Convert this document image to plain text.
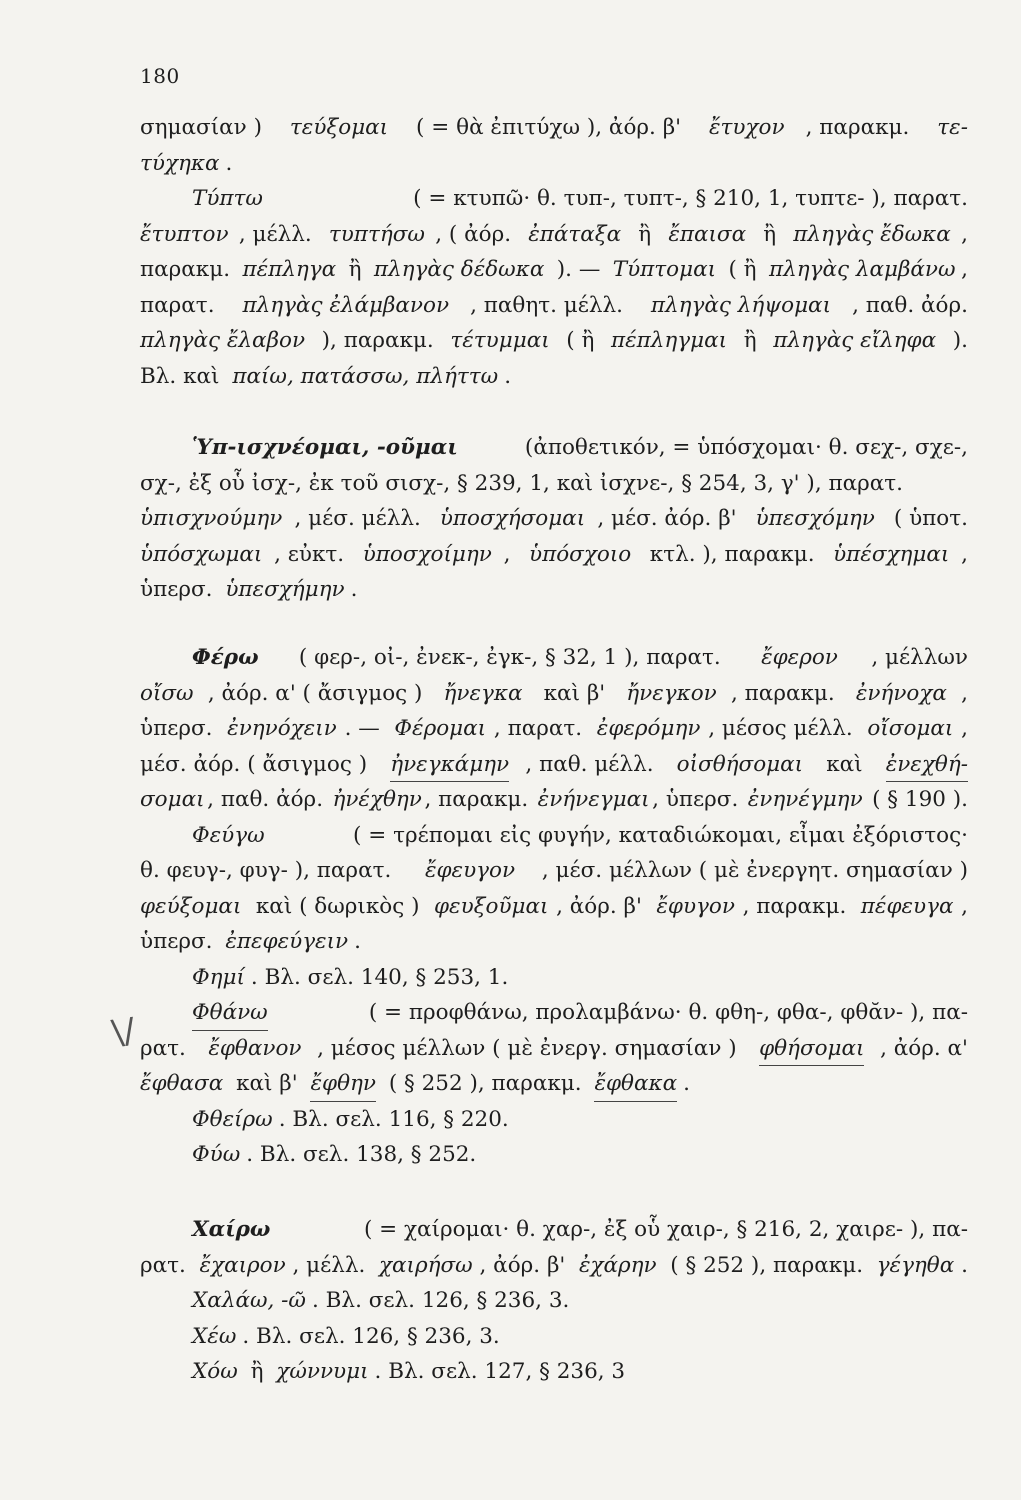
180
\/
σημασίαν ) τεύξομαι ( = θὰ ἐπιτύχω ), ἀόρ. β' ἔτυχον , παρακμ. τε-
τύχηκα .
Τύπτω	( = κτυπῶ· θ. τυπ-, τυπτ-, § 210, 1, τυπτε- ), παρατ.
ἔτυπτον , μέλλ. τυπτήσω , ( ἀόρ. ἐπάταξα ἢ ἔπαισα ἢ πληγὰς ἔδωκα ,
παρακμ. πέπληγα ἢ πληγὰς δέδωκα ). — Τύπτομαι ( ἢ πληγὰς λαμβάνω ,
παρατ. πληγὰς ἐλάμβανον , παθητ. μέλλ. πληγὰς λήψομαι , παθ. ἀόρ.
πληγὰς ἔλαβον ), παρακμ. τέτυμμαι ( ἢ πέπληγμαι ἢ πληγὰς εἴληφα ).
Βλ. καὶ παίω, πατάσσω, πλήττω .
Ὑπ-ισχνέομαι, -οῦμαι	(ἀποθετικόν, = ὑπόσχομαι· θ. σεχ-, σχε-,
σχ-, ἐξ οὗ ἰσχ-, ἐκ τοῦ σισχ-, § 239, 1, καὶ ἰσχνε-, § 254, 3, γ' ), παρατ.
ὑπισχνούμην , μέσ. μέλλ. ὑποσχήσομαι , μέσ. ἀόρ. β' ὑπεσχόμην ( ὑποτ.
ὑπόσχωμαι , εὐκτ. ὑποσχοίμην , ὑπόσχοιο κτλ. ), παρακμ. ὑπέσχημαι ,
ὑπερσ. ὑπεσχήμην .
Φέρω ( φερ-, οἰ-, ἐνεκ-, ἐγκ-, § 32, 1 ), παρατ. ἔφερον , μέλλων
οἴσω , ἀόρ. α' ( ἄσιγμος ) ἤνεγκα καὶ β' ἤνεγκον , παρακμ. ἐνήνοχα ,
ὑπερσ. ἐνηνόχειν . — Φέρομαι , παρατ. ἐφερόμην , μέσος μέλλ. οἴσομαι ,
μέσ. ἀόρ. ( ἄσιγμος ) ἠνεγκάμην , παθ. μέλλ. οἰσθήσομαι καὶ ἐνεχθή-
σομαι , παθ. ἀόρ. ἠνέχθην , παρακμ. ἐνήνεγμαι , ὑπερσ. ἐνηνέγμην ( § 190 ).
Φεύγω	( = τρέπομαι εἰς φυγήν, καταδιώκομαι, εἶμαι ἐξόριστος·
θ. φευγ-, φυγ- ), παρατ. ἔφευγον , μέσ. μέλλων ( μὲ ἐνεργητ. σημασίαν )
φεύξομαι καὶ ( δωρικὸς ) φευξοῦμαι , ἀόρ. β' ἔφυγον , παρακμ. πέφευγα ,
ὑπερσ. ἐπεφεύγειν .
Φημί . Βλ. σελ. 140, § 253, 1.
Φθάνω	( = προφθάνω, προλαμβάνω· θ. φθη-, φθα-, φθᾰν- ), πα-
ρατ. ἔφθανον , μέσος μέλλων ( μὲ ἐνεργ. σημασίαν ) φθήσομαι , ἀόρ. α'
ἔφθασα καὶ β' ἔφθην ( § 252 ), παρακμ. ἔφθακα .
Φθείρω . Βλ. σελ. 116, § 220.
Φύω . Βλ. σελ. 138, § 252.
Χαίρω	( = χαίρομαι· θ. χαρ-, ἐξ οὗ χαιρ-, § 216, 2, χαιρε- ), πα-
ρατ. ἔχαιρον , μέλλ. χαιρήσω , ἀόρ. β' ἐχάρην ( § 252 ), παρακμ. γέγηθα .
Χαλάω, -ῶ . Βλ. σελ. 126, § 236, 3.
Χέω . Βλ. σελ. 126, § 236, 3.
Χόω ἢ χώννυμι . Βλ. σελ. 127, § 236, 3
